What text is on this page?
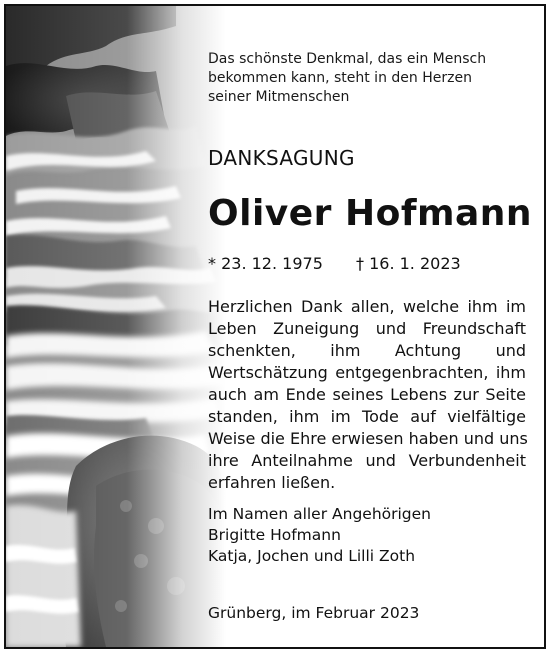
Das schönste Denkmal, das ein Mensch
bekommen kann, steht in den Herzen
seiner Mitmenschen
DANKSAGUNG
Oliver Hofmann
* 23. 12. 1975 † 16. 1. 2023
Herzlichen Dank allen, welche ihm im
Leben Zuneigung und Freundschaft
schenkten, ihm Achtung und
Wertschätzung entgegenbrachten, ihm
auch am Ende seines Lebens zur Seite
standen, ihm im Tode auf vielfältige
Weise die Ehre erwiesen haben und uns
ihre Anteilnahme und Verbundenheit
erfahren ließen.
Im Namen aller Angehörigen
Brigitte Hofmann
Katja, Jochen und Lilli Zoth
Grünberg, im Februar 2023
